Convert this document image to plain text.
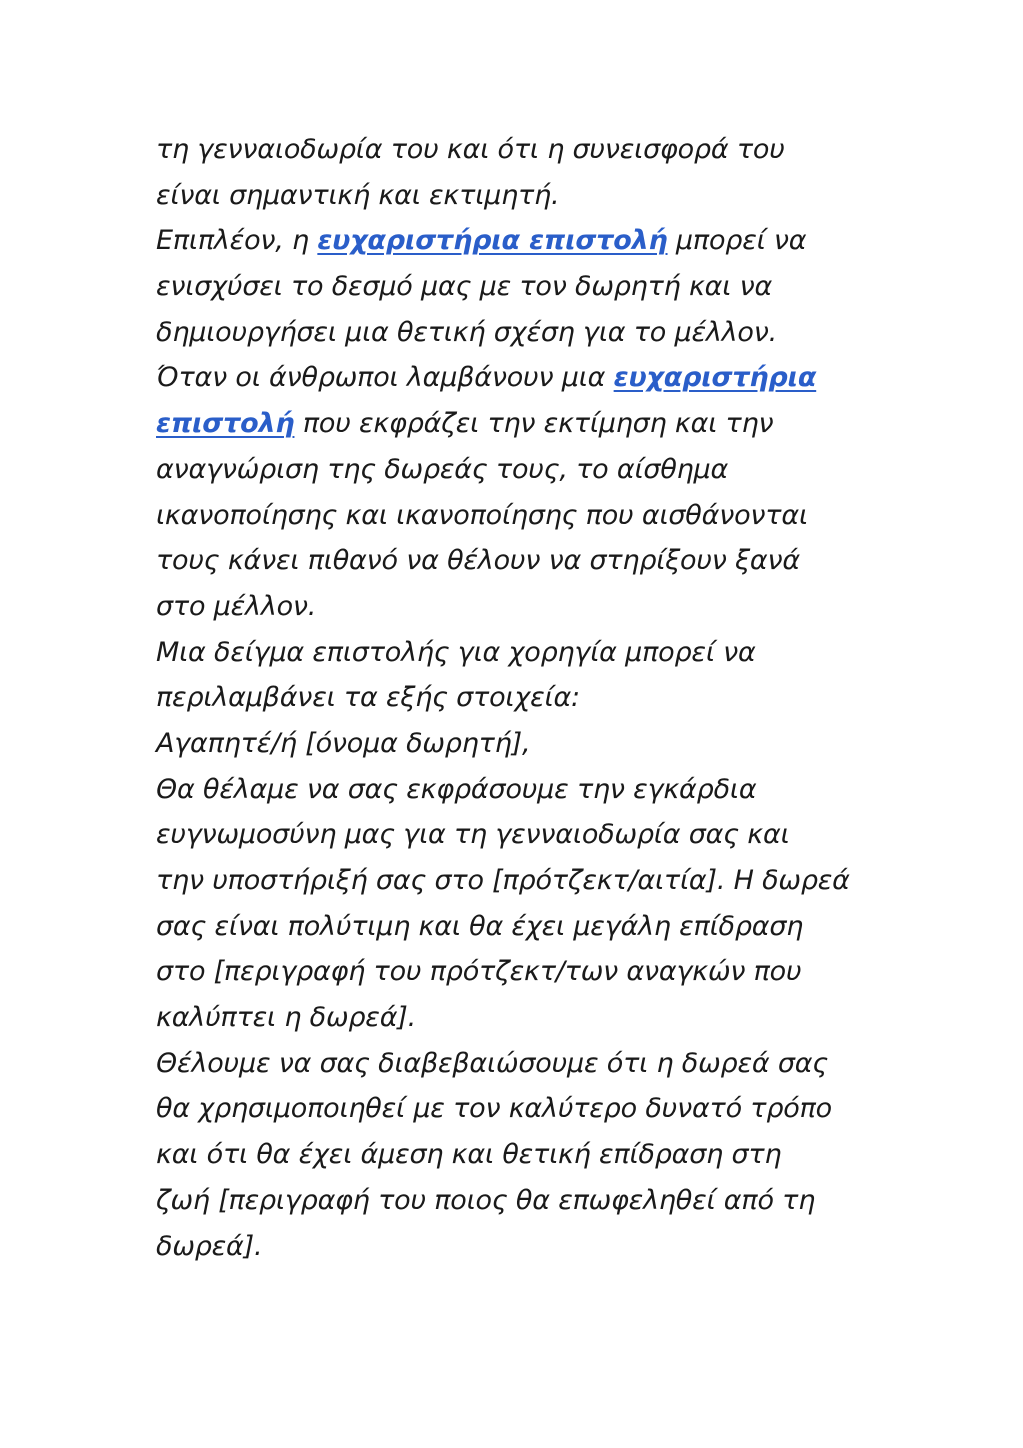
τη γενναιοδωρία του και ότι η συνεισφορά του
είναι σημαντική και εκτιμητή.
Επιπλέον, η ευχαριστήρια επιστολή μπορεί να
ενισχύσει το δεσμό μας με τον δωρητή και να
δημιουργήσει μια θετική σχέση για το μέλλον.
Όταν οι άνθρωποι λαμβάνουν μια ευχαριστήρια
επιστολή που εκφράζει την εκτίμηση και την
αναγνώριση της δωρεάς τους, το αίσθημα
ικανοποίησης και ικανοποίησης που αισθάνονται
τους κάνει πιθανό να θέλουν να στηρίξουν ξανά
στο μέλλον.
Μια δείγμα επιστολής για χορηγία μπορεί να
περιλαμβάνει τα εξής στοιχεία:
Αγαπητέ/ή [όνομα δωρητή],
Θα θέλαμε να σας εκφράσουμε την εγκάρδια
ευγνωμοσύνη μας για τη γενναιοδωρία σας και
την υποστήριξή σας στο [πρότζεκτ/αιτία]. Η δωρεά
σας είναι πολύτιμη και θα έχει μεγάλη επίδραση
στο [περιγραφή του πρότζεκτ/των αναγκών που
καλύπτει η δωρεά].
Θέλουμε να σας διαβεβαιώσουμε ότι η δωρεά σας
θα χρησιμοποιηθεί με τον καλύτερο δυνατό τρόπο
και ότι θα έχει άμεση και θετική επίδραση στη
ζωή [περιγραφή του ποιος θα επωφεληθεί από τη
δωρεά].
